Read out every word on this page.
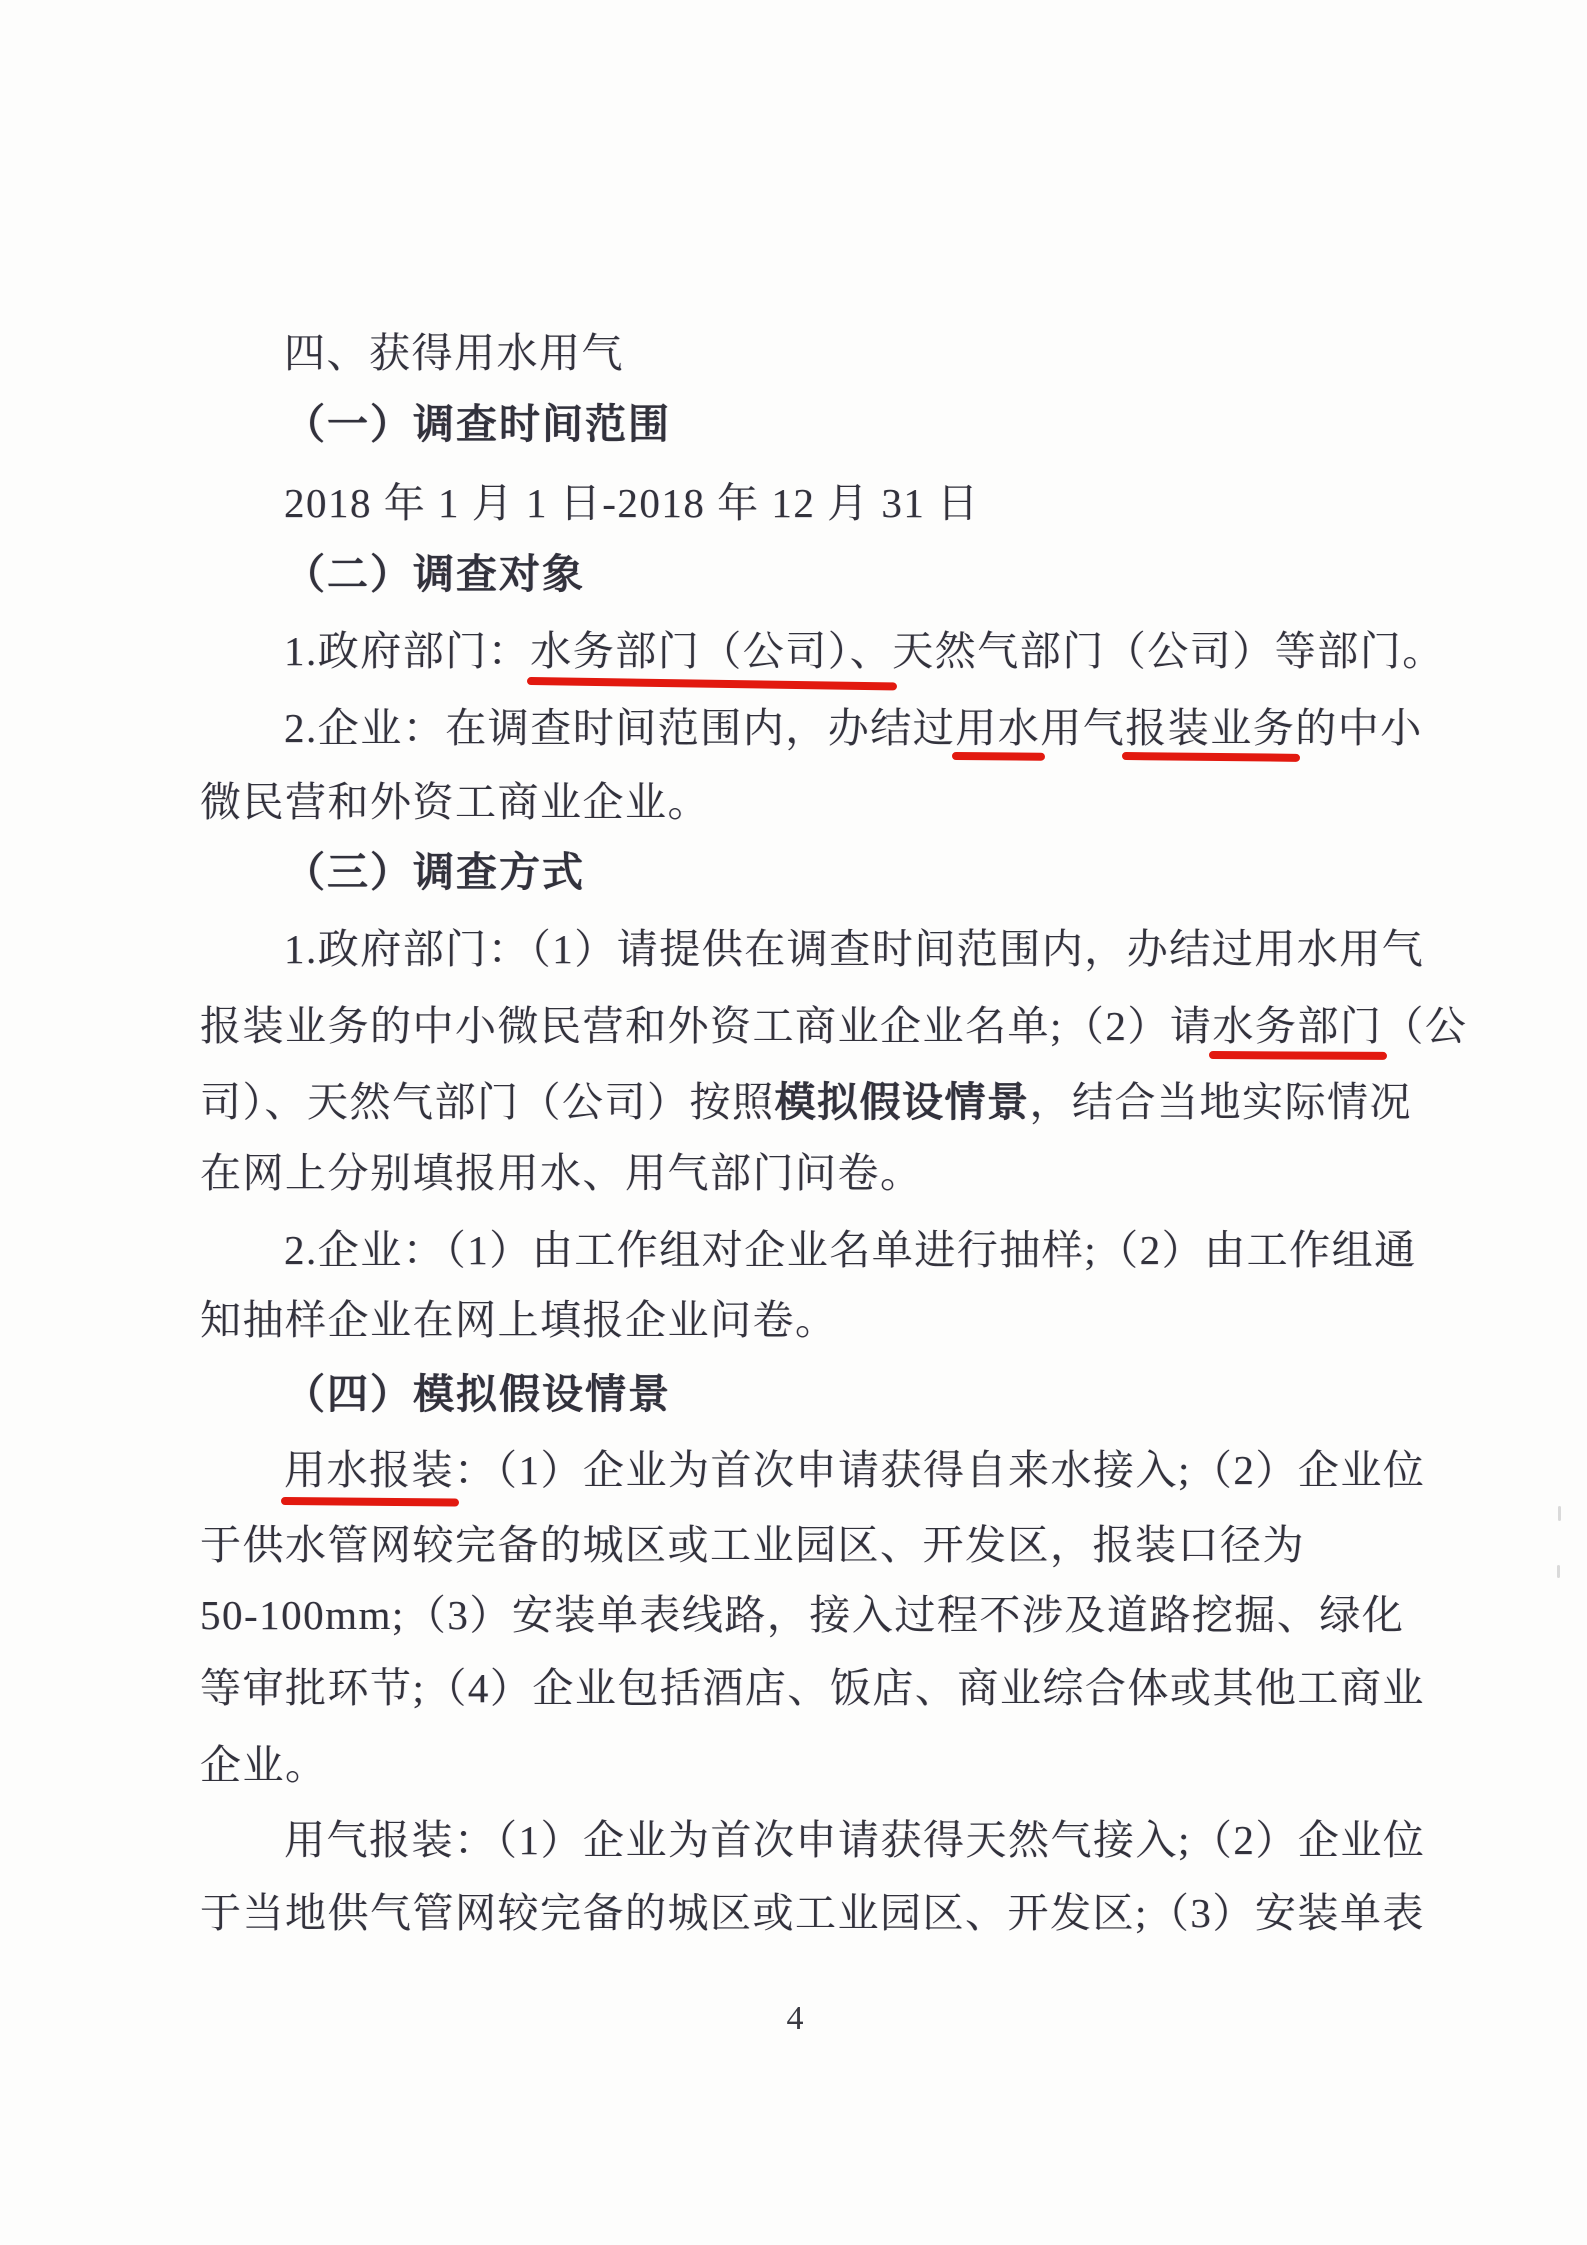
四、获得用水用气
（一）调查时间范围
2018 年 1 月 1 日-2018 年 12 月 31 日
（二）调查对象
1.政府部门：水务部门（公司）、天然气部门（公司）等部门。
2.企业：在调查时间范围内，办结过用水用气报装业务的中小
微民营和外资工商业企业。
（三）调查方式
1.政府部门：（1）请提供在调查时间范围内，办结过用水用气
报装业务的中小微民营和外资工商业企业名单;（2）请水务部门（公
司）、天然气部门（公司）按照模拟假设情景，结合当地实际情况
在网上分别填报用水、用气部门问卷。
2.企业：（1）由工作组对企业名单进行抽样;（2）由工作组通
知抽样企业在网上填报企业问卷。
（四）模拟假设情景
用水报装：（1）企业为首次申请获得自来水接入;（2）企业位
于供水管网较完备的城区或工业园区、开发区，报装口径为
50-100mm;（3）安装单表线路，接入过程不涉及道路挖掘、绿化
等审批环节;（4）企业包括酒店、饭店、商业综合体或其他工商业
企业。
用气报装：（1）企业为首次申请获得天然气接入;（2）企业位
于当地供气管网较完备的城区或工业园区、开发区;（3）安装单表
4
